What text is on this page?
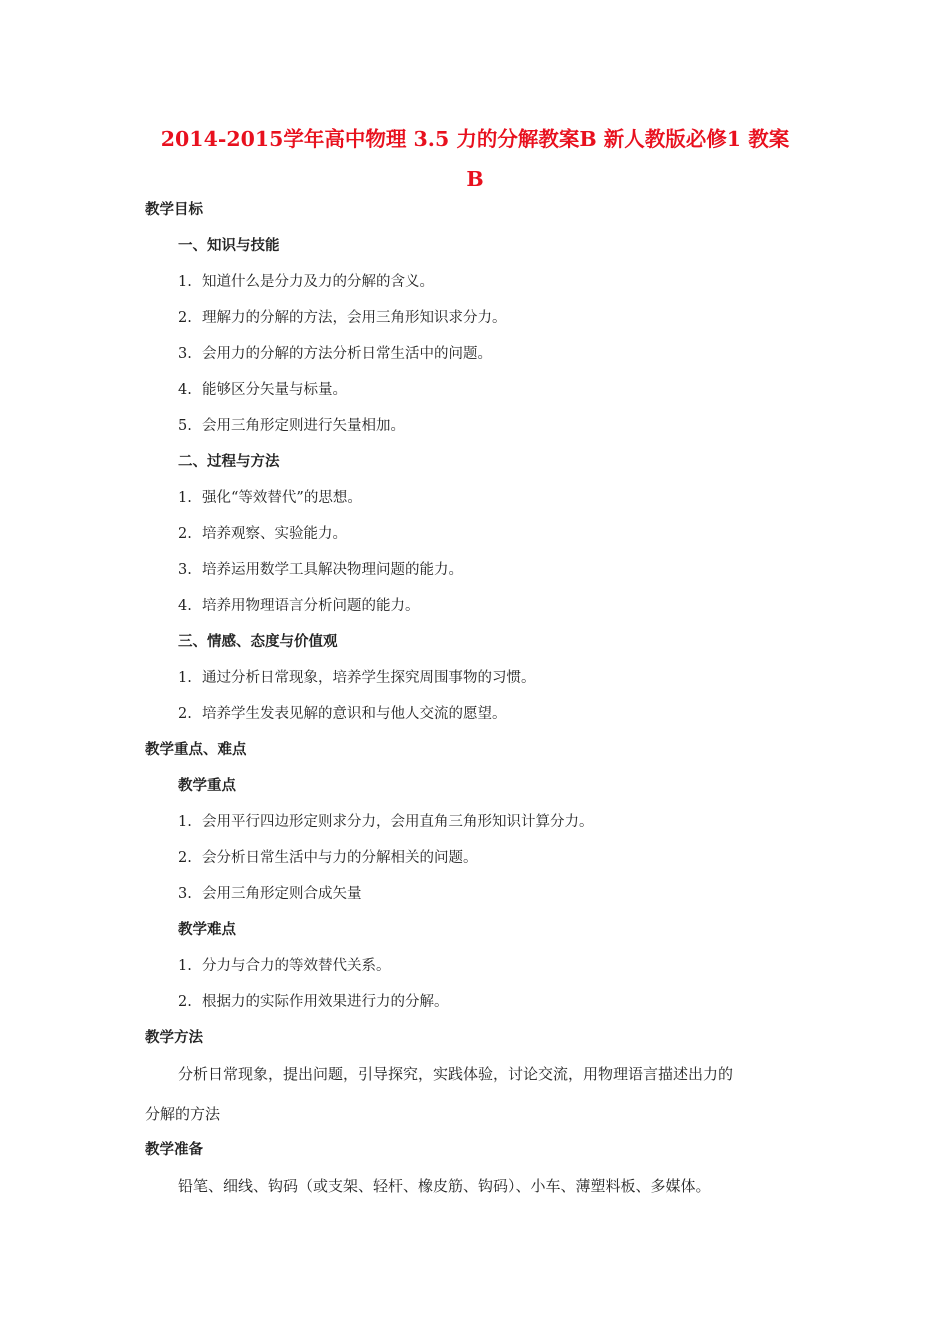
2014-2015学年高中物理 3.5 力的分解教案B 新人教版必修1 教案
B
教学目标
一、知识与技能
1. 知道什么是分力及力的分解的含义。
2. 理解力的分解的方法，会用三角形知识求分力。
3. 会用力的分解的方法分析日常生活中的问题。
4. 能够区分矢量与标量。
5. 会用三角形定则进行矢量相加。
二、过程与方法
1. 强化“等效替代”的思想。
2. 培养观察、实验能力。
3. 培养运用数学工具解决物理问题的能力。
4. 培养用物理语言分析问题的能力。
三、情感、态度与价值观
1. 通过分析日常现象，培养学生探究周围事物的习惯。
2. 培养学生发表见解的意识和与他人交流的愿望。
教学重点、难点
教学重点
1. 会用平行四边形定则求分力，会用直角三角形知识计算分力。
2. 会分析日常生活中与力的分解相关的问题。
3. 会用三角形定则合成矢量
教学难点
1. 分力与合力的等效替代关系。
2. 根据力的实际作用效果进行力的分解。
教学方法
分析日常现象，提出问题，引导探究，实践体验，讨论交流，用物理语言描述出力的
分解的方法
教学准备
铅笔、细线、钩码（或支架、轻杆、橡皮筋、钩码）、小车、薄塑料板、多媒体。
